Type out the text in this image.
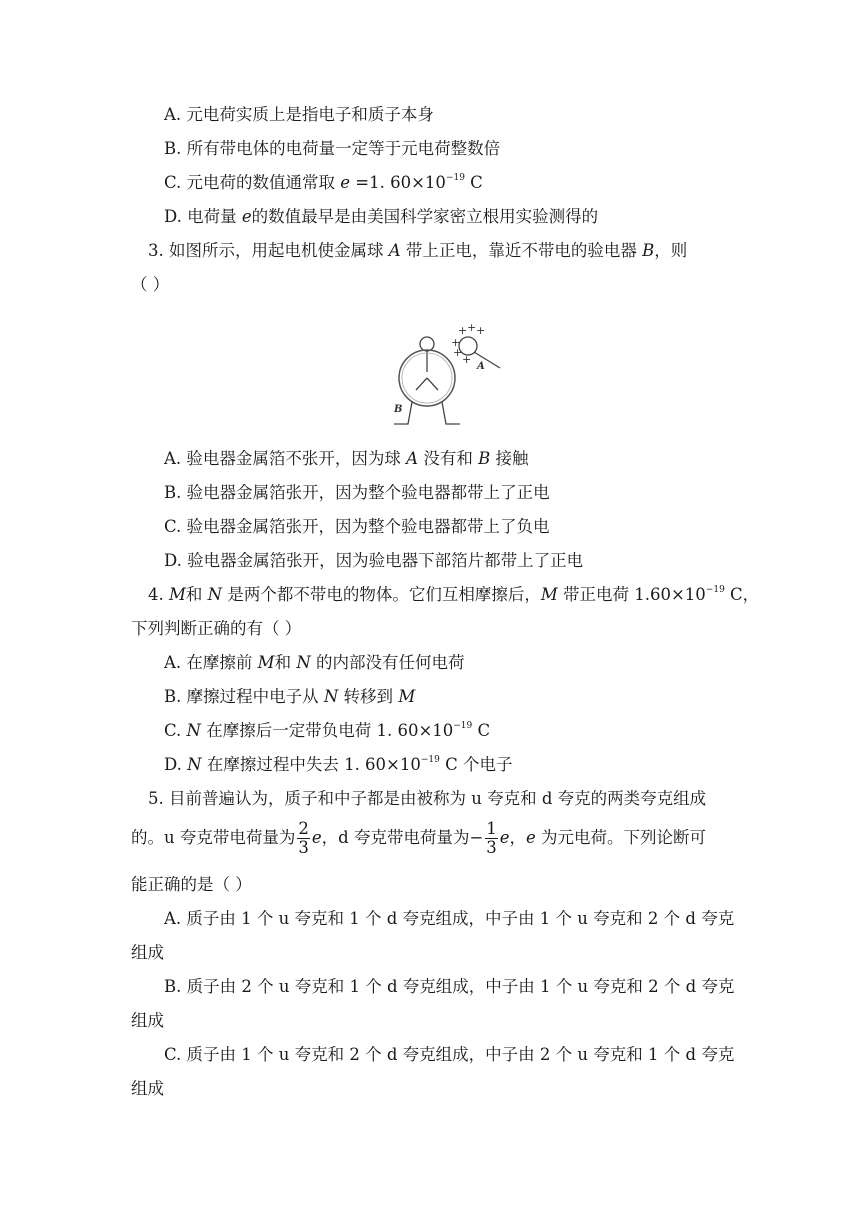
A. 元电荷实质上是指电子和质子本身
B. 所有带电体的电荷量一定等于元电荷整数倍
C. 元电荷的数值通常取 e =1. $60\times 10^{-19}$ C
D. 电荷量 e的数值最早是由美国科学家密立根用实验测得的
3. 如图所示，用起电机使金属球 A 带上正电，靠近不带电的验电器 B，则
（ ）
+ + +
+
+
+
A
B
A. 验电器金属箔不张开，因为球 A 没有和 B 接触
B. 验电器金属箔张开，因为整个验电器都带上了正电
C. 验电器金属箔张开，因为整个验电器都带上了负电
D. 验电器金属箔张开，因为验电器下部箔片都带上了正电
4. M和 N 是两个都不带电的物体。它们互相摩擦后，M 带正电荷 $1.60\times 10^{-19}$ C，
下列判断正确的有（ ）
A. 在摩擦前 M和 N 的内部没有任何电荷
B. 摩擦过程中电子从 N 转移到 M
C. N 在摩擦后一定带负电荷 1. $60\times 10^{-19}$ C
D. N 在摩擦过程中失去 1. $60\times 10^{-19}$ C 个电子
5. 目前普遍认为，质子和中子都是由被称为 u 夸克和 d 夸克的两类夸克组成
的。u 夸克带电荷量为 $\frac{2}{3}$ e，d 夸克带电荷量为− $\frac{1}{3}$ e，e 为元电荷。下列论断可
能正确的是（ ）
A. 质子由 1 个 u 夸克和 1 个 d 夸克组成，中子由 1 个 u 夸克和 2 个 d 夸克
组成
B. 质子由 2 个 u 夸克和 1 个 d 夸克组成，中子由 1 个 u 夸克和 2 个 d 夸克
组成
C. 质子由 1 个 u 夸克和 2 个 d 夸克组成，中子由 2 个 u 夸克和 1 个 d 夸克
组成
